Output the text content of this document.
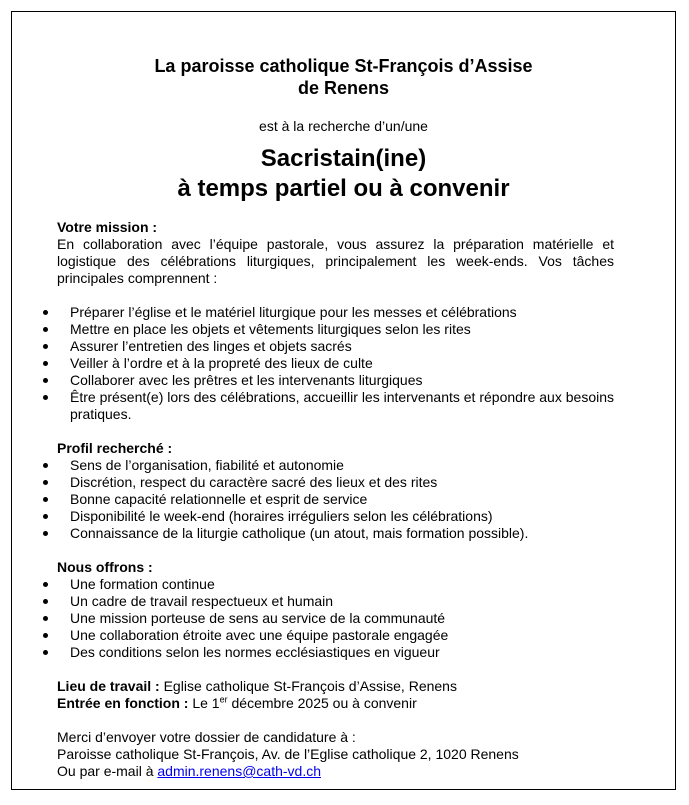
La paroisse catholique St-François d’Assise
de Renens
est à la recherche d’un/une
Sacristain(ine)
à temps partiel ou à convenir
Votre mission :
En collaboration avec l’équipe pastorale, vous assurez la préparation matérielle et logistique des célébrations liturgiques, principalement les week-ends. Vos tâches principales comprennent :
Préparer l’église et le matériel liturgique pour les messes et célébrations
Mettre en place les objets et vêtements liturgiques selon les rites
Assurer l’entretien des linges et objets sacrés
Veiller à l’ordre et à la propreté des lieux de culte
Collaborer avec les prêtres et les intervenants liturgiques
Être présent(e) lors des célébrations, accueillir les intervenants et répondre aux besoins pratiques.
Profil recherché :
Sens de l’organisation, fiabilité et autonomie
Discrétion, respect du caractère sacré des lieux et des rites
Bonne capacité relationnelle et esprit de service
Disponibilité le week-end (horaires irréguliers selon les célébrations)
Connaissance de la liturgie catholique (un atout, mais formation possible).
Nous offrons :
Une formation continue
Un cadre de travail respectueux et humain
Une mission porteuse de sens au service de la communauté
Une collaboration étroite avec une équipe pastorale engagée
Des conditions selon les normes ecclésiastiques en vigueur
Lieu de travail : Eglise catholique St-François d’Assise, Renens
Entrée en fonction : Le 1er décembre 2025 ou à convenir
Merci d’envoyer votre dossier de candidature à :
Paroisse catholique St-François, Av. de l’Eglise catholique 2, 1020 Renens
Ou par e-mail à admin.renens@cath-vd.ch
